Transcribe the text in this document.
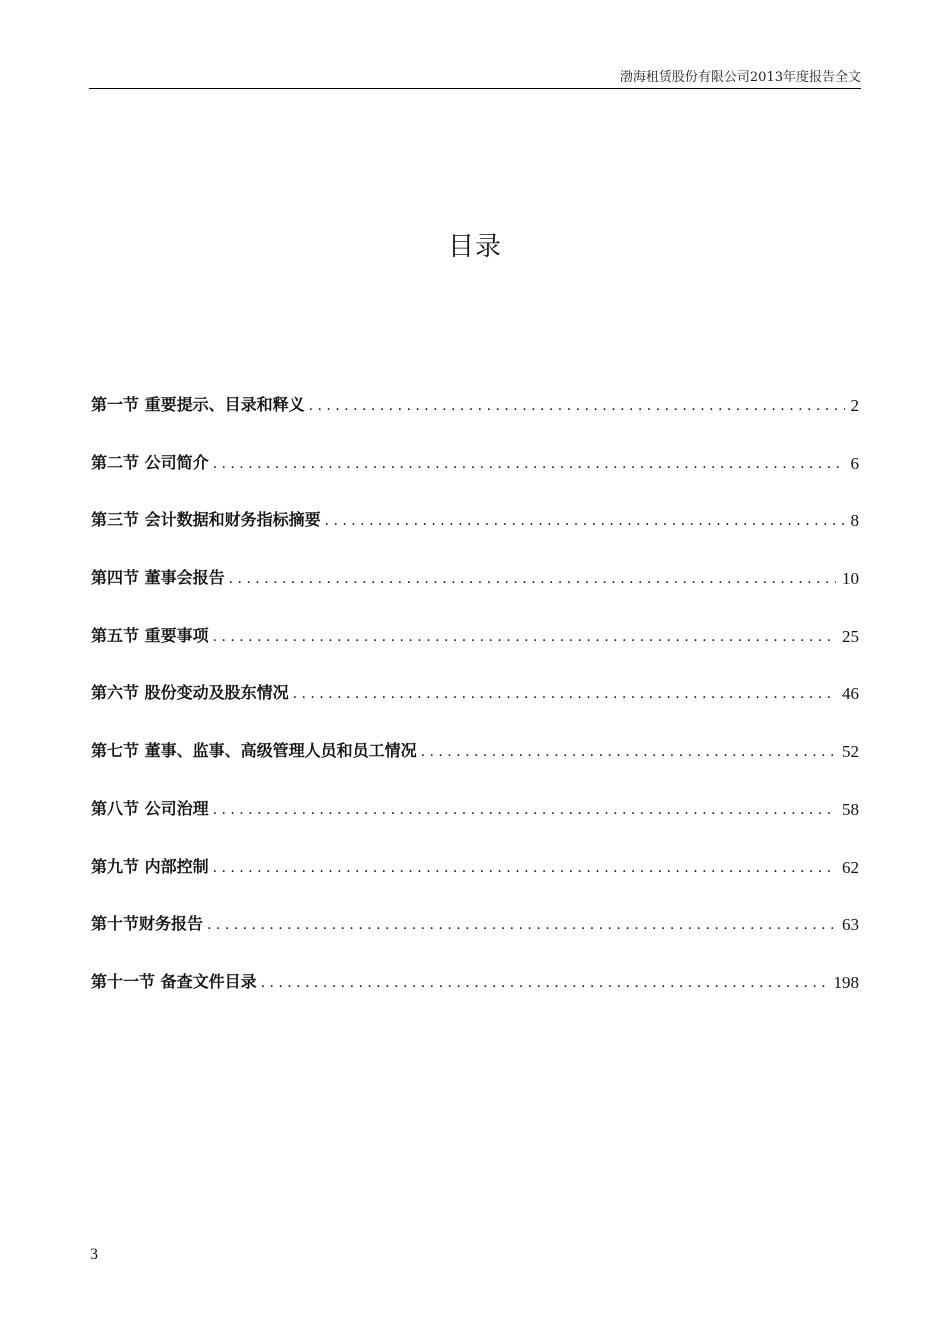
渤海租赁股份有限公司2013年度报告全文
目录
第一节 重要提示、目录和释义 . . .	2
第二节 公司简介 . . .	6
第三节 会计数据和财务指标摘要 . . .	8
第四节 董事会报告 . . .	10
第五节 重要事项 . . .	25
第六节 股份变动及股东情况 . . .	46
第七节 董事、监事、高级管理人员和员工情况 . . .	52
第八节 公司治理 . . .	58
第九节 内部控制 . . .	62
第十节财务报告 . . .	63
第十一节 备查文件目录 . . .	198
3
